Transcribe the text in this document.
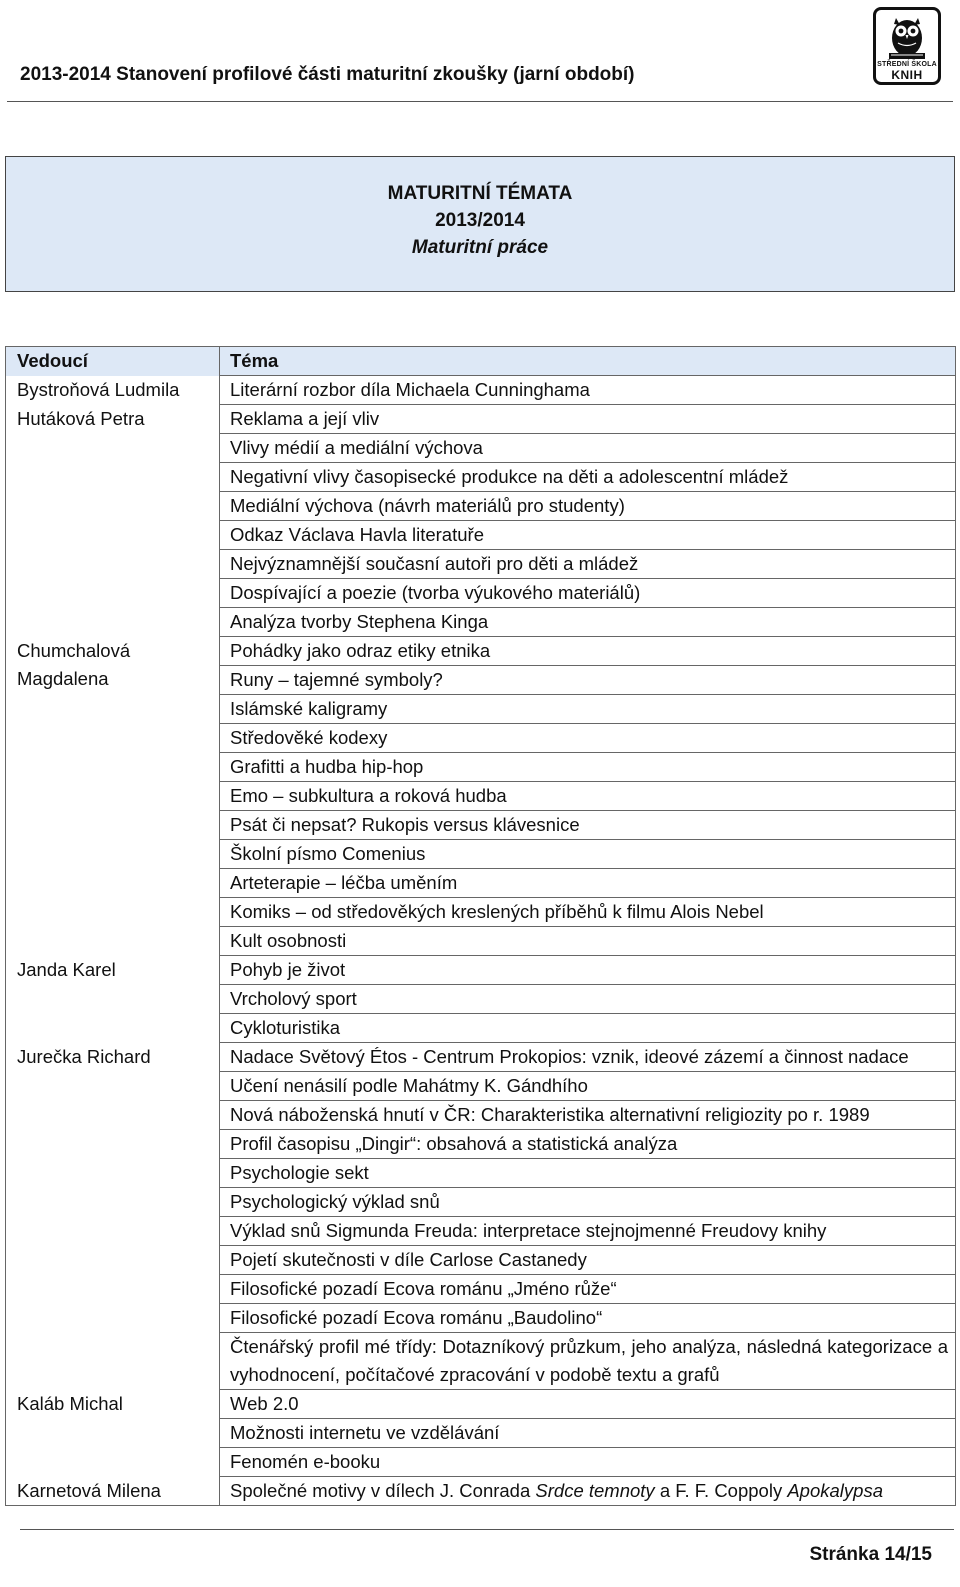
2013-2014 Stanovení profilové části maturitní zkoušky (jarní období)	STŘEDNÍ ŠKOLA
KNIH
MATURITNÍ TÉMATA
2013/2014
Maturitní práce
Vedoucí	Téma
Bystroňová Ludmila	Literární rozbor díla Michaela Cunninghama
Hutáková Petra	Reklama a její vliv
	Vlivy médií a mediální výchova
	Negativní vlivy časopisecké produkce na děti a adolescentní mládež
	Mediální výchova (návrh materiálů pro studenty)
	Odkaz Václava Havla literatuře
	Nejvýznamnější současní autoři pro děti a mládež
	Dospívající a poezie (tvorba výukového materiálů)
	Analýza tvorby Stephena Kinga
Chumchalová Magdalena	Pohádky jako odraz etiky etnika
	Runy – tajemné symboly?
	Islámské kaligramy
	Středověké kodexy
	Grafitti a hudba hip-hop
	Emo – subkultura a roková hudba
	Psát či nepsat? Rukopis versus klávesnice
	Školní písmo Comenius
	Arteterapie – léčba uměním
	Komiks – od středověkých kreslených příběhů k filmu Alois Nebel
	Kult osobnosti
Janda Karel	Pohyb je život
	Vrcholový sport
	Cykloturistika
Jurečka Richard	Nadace Světový Étos - Centrum Prokopios: vznik, ideové zázemí a činnost nadace
	Učení nenásilí podle Mahátmy K. Gándhího
	Nová náboženská hnutí v ČR: Charakteristika alternativní religiozity po r. 1989
	Profil časopisu „Dingir“: obsahová a statistická analýza
	Psychologie sekt
	Psychologický výklad snů
	Výklad snů Sigmunda Freuda: interpretace stejnojmenné Freudovy knihy
	Pojetí skutečnosti v díle Carlose Castanedy
	Filosofické pozadí Ecova románu „Jméno růže“
	Filosofické pozadí Ecova románu „Baudolino“
	Čtenářský profil mé třídy: Dotazníkový průzkum, jeho analýza, následná kategorizace a vyhodnocení, počítačové zpracování v podobě textu a grafů
Kaláb Michal	Web 2.0
	Možnosti internetu ve vzdělávání
	Fenomén e-booku
Karnetová Milena	Společné motivy v dílech J. Conrada Srdce temnoty a F. F. Coppoly Apokalypsa
Stránka 14/15
